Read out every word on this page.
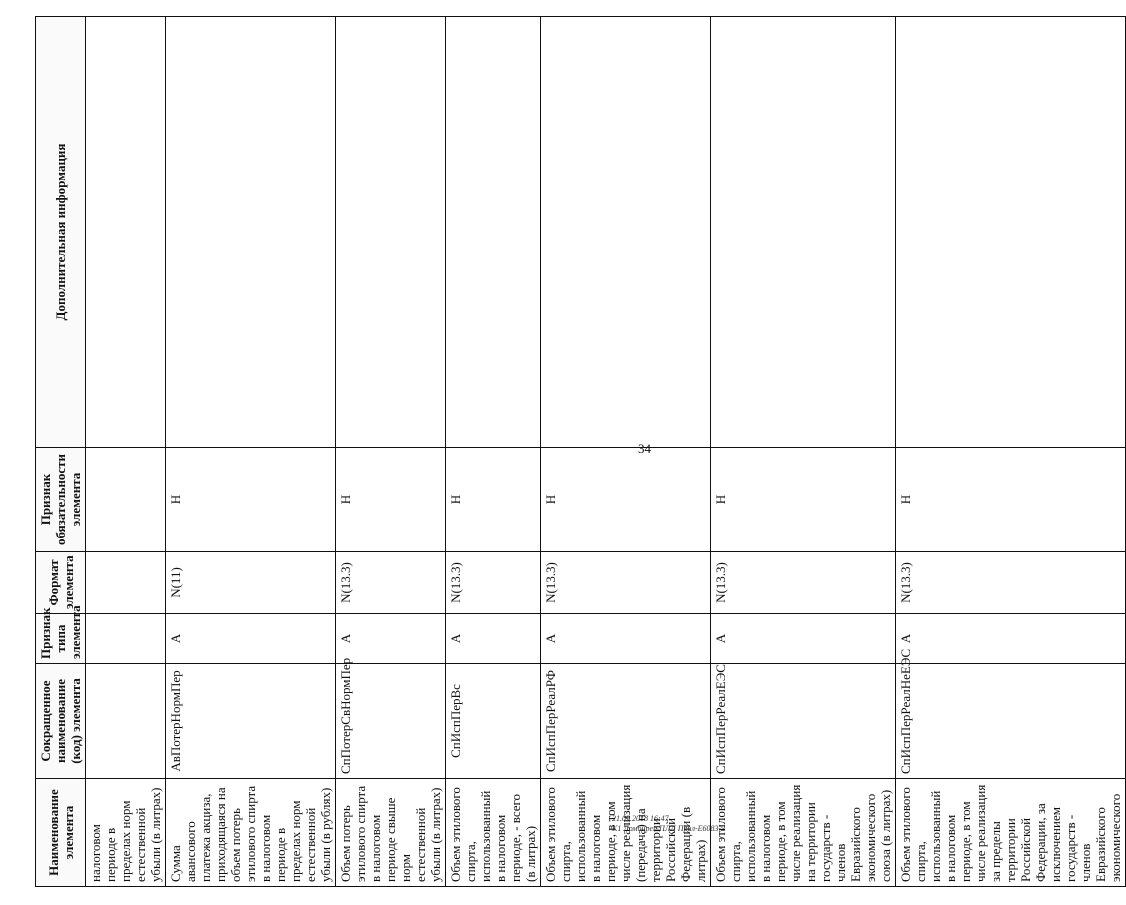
34
21.09.2018 16:47
К1 Ломбирен ПЛЛ Прил-Е6083-2
Наименование элемента	Сокращенное наименование (код) элемента	Признак типа элемента	Формат элемента	Признак обязательности элемента	Дополнительная информация
налоговом периоде в пределах норм естественной убыли (в литрах)					
Сумма авансового платежа акциза, приходящаяся на объем потерь этилового спирта в налоговом периоде в пределах норм естественной убыли (в рублях)	АвПотерНормПер	А	N(11)	Н	
Объем потерь этилового спирта в налоговом периоде свыше норм естественной убыли (в литрах)	СпПотерСвНормПер	А	N(13.3)	Н	
Объем этилового спирта, использованный в налоговом периоде, - всего (в литрах)	СпИспПерВс	А	N(13.3)	Н	
Объем этилового спирта, использованный в налоговом периоде, в том числе реализация (передача) на территории Российской Федерации (в литрах)	СпИспПерРеалРФ	А	N(13.3)	Н	
Объем этилового спирта, использованный в налоговом периоде, в том числе реализация на территории государств - членов Евразийского экономического союза (в литрах)	СпИспПерРеалЕЭС	А	N(13.3)	Н	
Объем этилового спирта, использованный в налоговом периоде, в том числе реализация за пределы территории Российской Федерации, за исключением государств - членов Евразийского экономического	СпИспПерРеалНеЕЭС	А	N(13.3)	Н	
